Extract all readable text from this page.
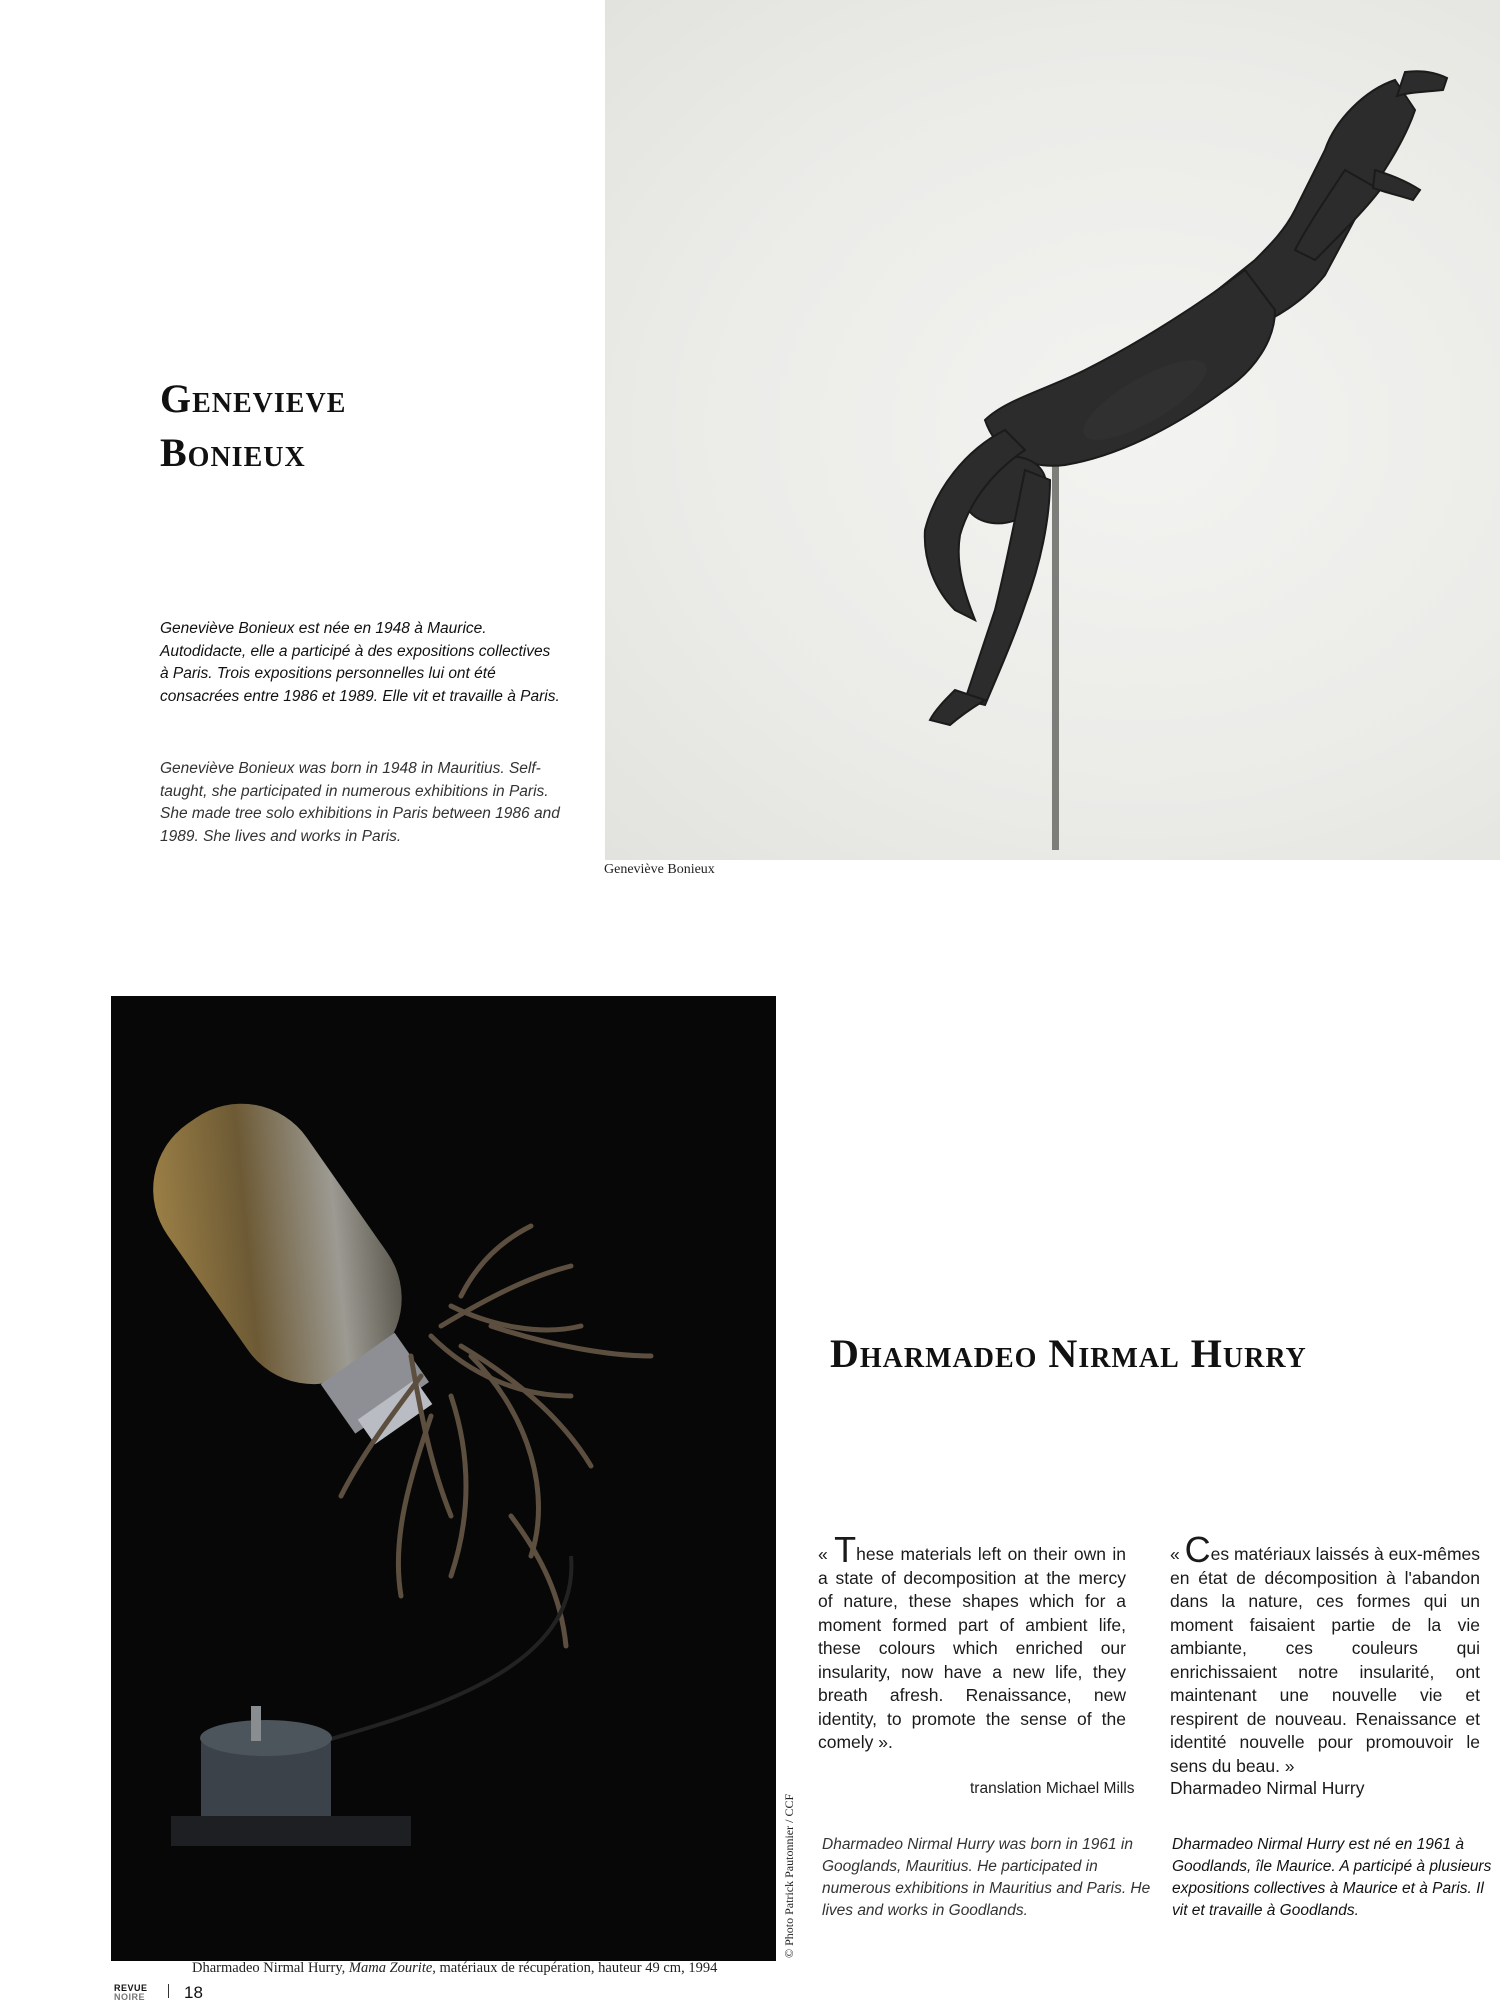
Genevieve
Bonieux
Geneviève Bonieux est née en 1948 à Maurice. Autodidacte, elle a participé à des expositions collectives à Paris. Trois expositions personnelles lui ont été consacrées entre 1986 et 1989. Elle vit et travaille à Paris.
Geneviève Bonieux was born in 1948 in Mauritius. Self-taught, she participated in numerous exhibitions in Paris. She made tree solo exhibitions in Paris between 1986 and 1989. She lives and works in Paris.
Geneviève Bonieux
© Photo Patrick Pautonnier / CCF
Dharmadeo Nirmal Hurry, Mama Zourite, matériaux de récupération, hauteur 49 cm, 1994
Dharmadeo Nirmal Hurry
« These materials left on their own in a state of decomposition at the mercy of nature, these shapes which for a moment formed part of ambient life, these colours which enriched our insularity, now have a new life, they breath afresh. Renaissance, new identity, to promote the sense of the comely ».
translation Michael Mills
« Ces matériaux laissés à eux-mêmes en état de décomposition à l'abandon dans la nature, ces formes qui un moment faisaient partie de la vie ambiante, ces couleurs qui enrichissaient notre insularité, ont maintenant une nouvelle vie et respirent de nouveau. Renaissance et identité nouvelle pour promouvoir le sens du beau. »
Dharmadeo Nirmal Hurry
Dharmadeo Nirmal Hurry was born in 1961 in Googlands, Mauritius. He participated in numerous exhibitions in Mauritius and Paris. He lives and works in Goodlands.
Dharmadeo Nirmal Hurry est né en 1961 à Goodlands, île Maurice. A participé à plusieurs expositions collectives à Maurice et à Paris. Il vit et travaille à Goodlands.
REVUE
NOIRE 18
